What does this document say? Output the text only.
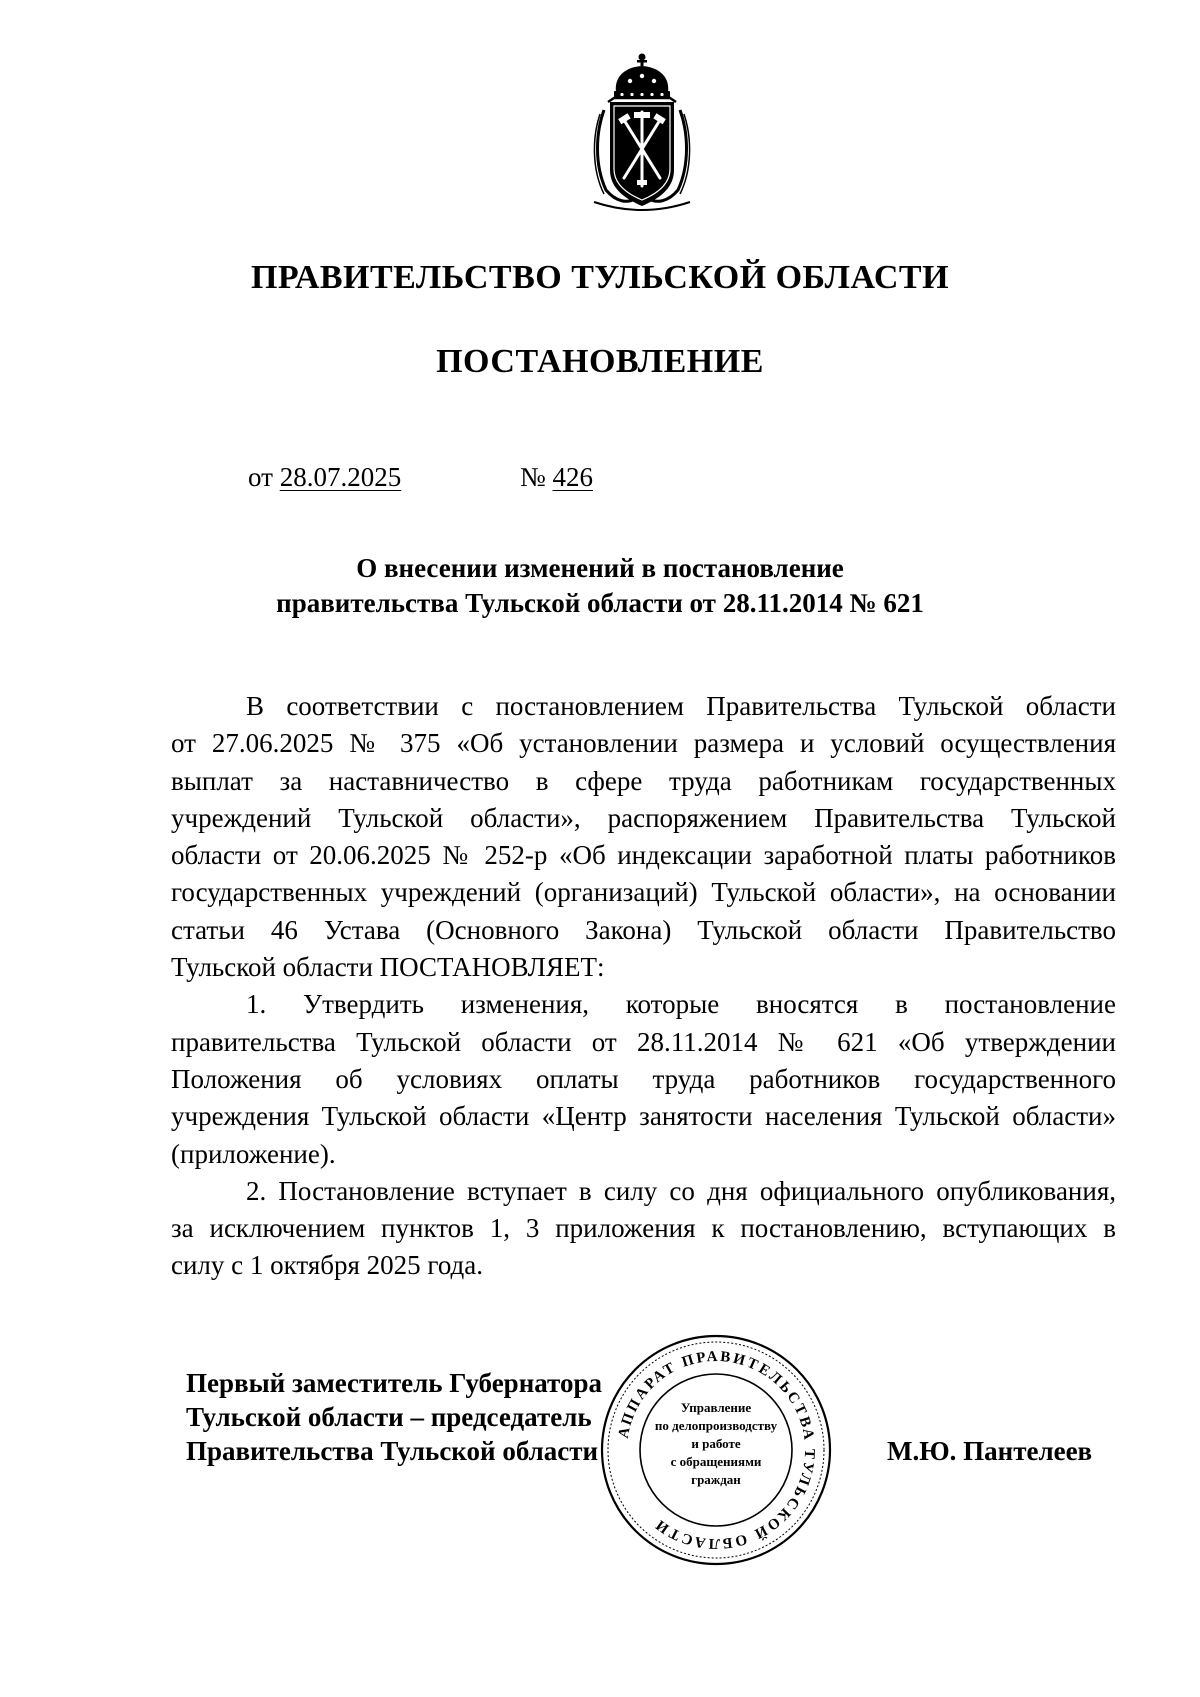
ПРАВИТЕЛЬСТВО ТУЛЬСКОЙ ОБЛАСТИ
ПОСТАНОВЛЕНИЕ
от 28.07.2025	№ 426
О внесении изменений в постановление
правительства Тульской области от 28.11.2014 № 621
В соответствии с постановлением Правительства Тульской области
от 27.06.2025 № 375 «Об установлении размера и условий осуществления
выплат за наставничество в сфере труда работникам государственных
учреждений Тульской области», распоряжением Правительства Тульской
области от 20.06.2025 № 252-р «Об индексации заработной платы работников
государственных учреждений (организаций) Тульской области», на основании
статьи 46 Устава (Основного Закона) Тульской области Правительство
Тульской области ПОСТАНОВЛЯЕТ:
1. Утвердить изменения, которые вносятся в постановление
правительства Тульской области от 28.11.2014 № 621 «Об утверждении
Положения об условиях оплаты труда работников государственного
учреждения Тульской области «Центр занятости населения Тульской области»
(приложение).
2. Постановление вступает в силу со дня официального опубликования,
за исключением пунктов 1, 3 приложения к постановлению, вступающих в
силу с 1 октября 2025 года.
Первый заместитель Губернатора
Тульской области – председатель
Правительства Тульской области
АППАРАТ ПРАВИТЕЛЬСТВА ТУЛЬСКОЙ ОБЛАСТИ
Управление
по делопроизводству
и работе
с обращениями
граждан
М.Ю. Пантелеев
